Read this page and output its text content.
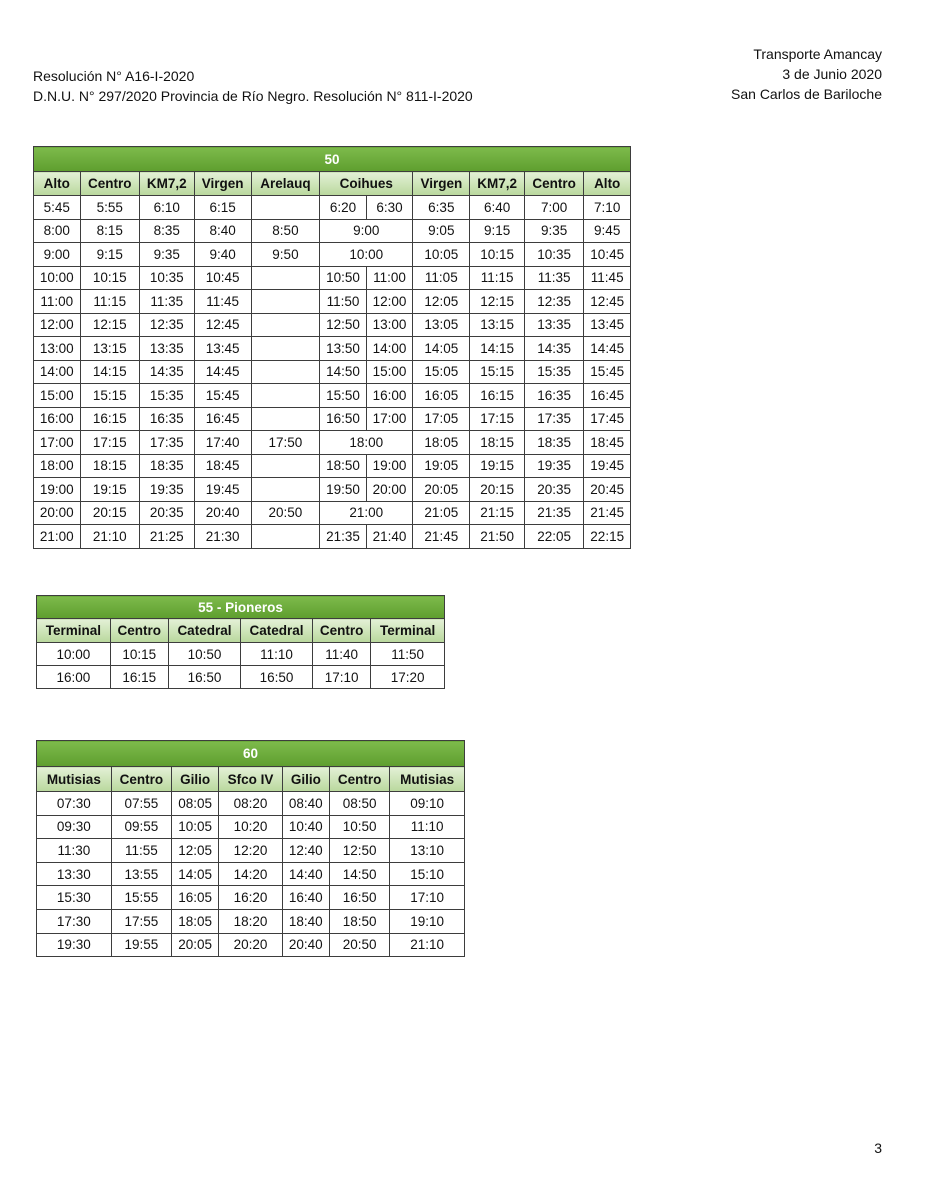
Resolución N° A16-I-2020
D.N.U. N° 297/2020 Provincia de Río Negro. Resolución N° 811-I-2020
Transporte Amancay
3 de Junio 2020
San Carlos de Bariloche
50										
Alto	Centro	KM7,2	Virgen	Arelauq	Coihues		Virgen	KM7,2	Centro	Alto
5:45	5:55	6:10	6:15		6:20	6:30	6:35	6:40	7:00	7:10
8:00	8:15	8:35	8:40	8:50	9:00		9:05	9:15	9:35	9:45
9:00	9:15	9:35	9:40	9:50	10:00		10:05	10:15	10:35	10:45
10:00	10:15	10:35	10:45		10:50	11:00	11:05	11:15	11:35	11:45
11:00	11:15	11:35	11:45		11:50	12:00	12:05	12:15	12:35	12:45
12:00	12:15	12:35	12:45		12:50	13:00	13:05	13:15	13:35	13:45
13:00	13:15	13:35	13:45		13:50	14:00	14:05	14:15	14:35	14:45
14:00	14:15	14:35	14:45		14:50	15:00	15:05	15:15	15:35	15:45
15:00	15:15	15:35	15:45		15:50	16:00	16:05	16:15	16:35	16:45
16:00	16:15	16:35	16:45		16:50	17:00	17:05	17:15	17:35	17:45
17:00	17:15	17:35	17:40	17:50	18:00		18:05	18:15	18:35	18:45
18:00	18:15	18:35	18:45		18:50	19:00	19:05	19:15	19:35	19:45
19:00	19:15	19:35	19:45		19:50	20:00	20:05	20:15	20:35	20:45
20:00	20:15	20:35	20:40	20:50	21:00		21:05	21:15	21:35	21:45
21:00	21:10	21:25	21:30		21:35	21:40	21:45	21:50	22:05	22:15
55 - Pioneros					
Terminal	Centro	Catedral	Catedral	Centro	Terminal
10:00	10:15	10:50	11:10	11:40	11:50
16:00	16:15	16:50	16:50	17:10	17:20
60						
Mutisias	Centro	Gilio	Sfco IV	Gilio	Centro	Mutisias
07:30	07:55	08:05	08:20	08:40	08:50	09:10
09:30	09:55	10:05	10:20	10:40	10:50	11:10
11:30	11:55	12:05	12:20	12:40	12:50	13:10
13:30	13:55	14:05	14:20	14:40	14:50	15:10
15:30	15:55	16:05	16:20	16:40	16:50	17:10
17:30	17:55	18:05	18:20	18:40	18:50	19:10
19:30	19:55	20:05	20:20	20:40	20:50	21:10
3
